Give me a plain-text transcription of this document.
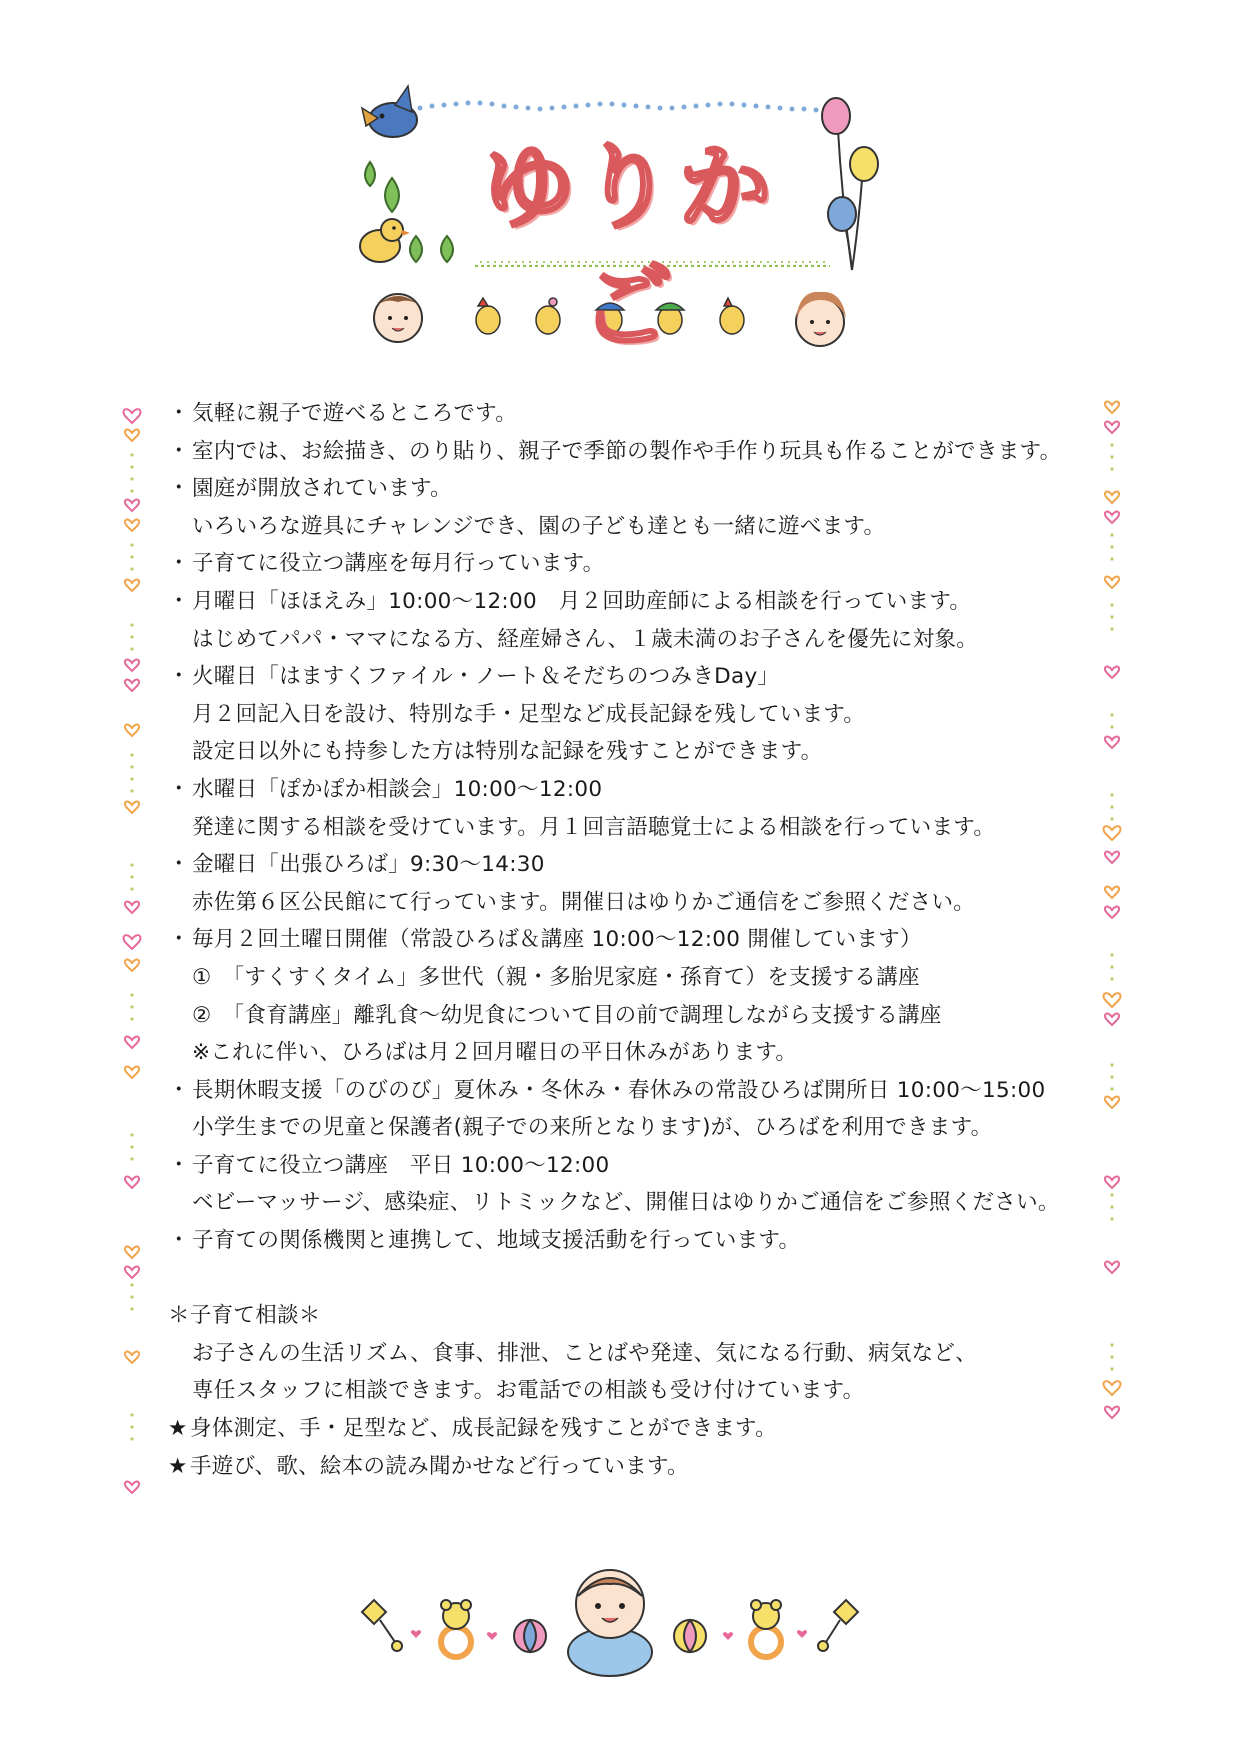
ゆりかご
・ 気軽に親子で遊べるところです。
・ 室内では、お絵描き、のり貼り、親子で季節の製作や手作り玩具も作ることができます。
・ 園庭が開放されています。
いろいろな遊具にチャレンジでき、園の子ども達とも一緒に遊べます。
・ 子育てに役立つ講座を毎月行っています。
・ 月曜日「ほほえみ」10:00～12:00　月２回助産師による相談を行っています。
はじめてパパ・ママになる方、経産婦さん、１歳未満のお子さんを優先に対象。
・ 火曜日「はますくファイル・ノート＆そだちのつみきDay」
月２回記入日を設け、特別な手・足型など成長記録を残しています。
設定日以外にも持参した方は特別な記録を残すことができます。
・ 水曜日「ぽかぽか相談会」10:00～12:00
発達に関する相談を受けています。月１回言語聴覚士による相談を行っています。
・ 金曜日「出張ひろば」9:30～14:30
赤佐第６区公民館にて行っています。開催日はゆりかご通信をご参照ください。
・ 毎月２回土曜日開催（常設ひろば＆講座 10:00～12:00 開催しています）
①　「すくすくタイム」多世代（親・多胎児家庭・孫育て）を支援する講座
②　「食育講座」離乳食～幼児食について目の前で調理しながら支援する講座
※これに伴い、ひろばは月２回月曜日の平日休みがあります。
・ 長期休暇支援「のびのび」夏休み・冬休み・春休みの常設ひろば開所日 10:00～15:00
小学生までの児童と保護者(親子での来所となります)が、ひろばを利用できます。
・ 子育てに役立つ講座　平日 10:00～12:00
ベビーマッサージ、感染症、リトミックなど、開催日はゆりかご通信をご参照ください。
・ 子育ての関係機関と連携して、地域支援活動を行っています。
＊子育て相談＊
お子さんの生活リズム、食事、排泄、ことばや発達、気になる行動、病気など、
専任スタッフに相談できます。お電話での相談も受け付けています。
★ 身体測定、手・足型など、成長記録を残すことができます。
★ 手遊び、歌、絵本の読み聞かせなど行っています。
